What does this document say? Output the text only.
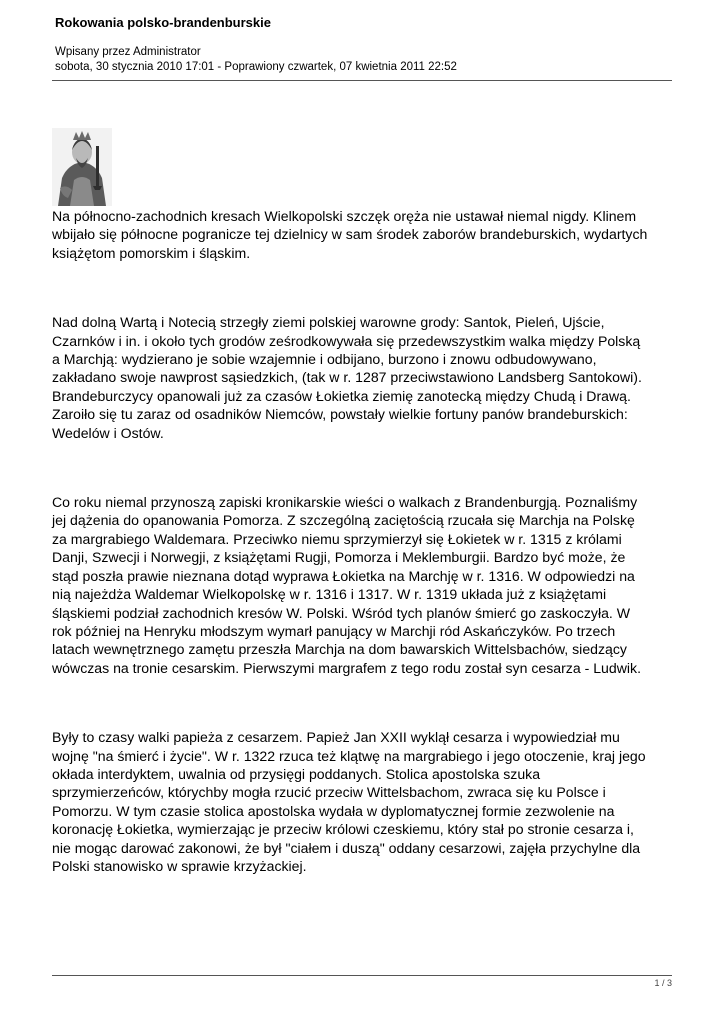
Rokowania polsko-brandenburskie
Wpisany przez Administrator
sobota, 30 stycznia 2010 17:01 - Poprawiony czwartek, 07 kwietnia 2011 22:52

Na północno-zachodnich kresach Wielkopolski szczęk oręża nie ustawał niemal nigdy. Klinem
wbijało się północne pogranicze tej dzielnicy w sam środek zaborów brandeburskich, wydartych
książętom pomorskim i śląskim.

Nad dolną Wartą i Notecią strzegły ziemi polskiej warowne grody: Santok, Pieleń, Ujście,
Czarnków i in. i około tych grodów ześrodkowywała się przedewszystkim walka między Polską
a Marchją: wydzierano je sobie wzajemnie i odbijano, burzono i znowu odbudowywano,
zakładano swoje nawprost sąsiedzkich, (tak w r. 1287 przeciwstawiono Landsberg Santokowi).
Brandeburczycy opanowali już za czasów Łokietka ziemię zanotecką między Chudą i Drawą.
Zaroiło się tu zaraz od osadników Niemców, powstały wielkie fortuny panów brandeburskich:
Wedelów i Ostów.

Co roku niemal przynoszą zapiski kronikarskie wieści o walkach z Brandenburgją. Poznaliśmy
jej dążenia do opanowania Pomorza. Z szczególną zaciętością rzucała się Marchja na Polskę
za margrabiego Waldemara. Przeciwko niemu sprzymierzył się Łokietek w r. 1315 z królami
Danji, Szwecji i Norwegji, z książętami Rugji, Pomorza i Meklemburgii. Bardzo być może, że
stąd poszła prawie nieznana dotąd wyprawa Łokietka na Marchję w r. 1316. W odpowiedzi na
nią najeżdża Waldemar Wielkopolskę w r. 1316 i 1317. W r. 1319 układa już z książętami
śląskiemi podział zachodnich kresów W. Polski. Wśród tych planów śmierć go zaskoczyła. W
rok później na Henryku młodszym wymarł panujący w Marchji ród Askańczyków. Po trzech
latach wewnętrznego zamętu przeszła Marchja na dom bawarskich Wittelsbachów, siedzący
wówczas na tronie cesarskim. Pierwszymi margrafem z tego rodu został syn cesarza - Ludwik.

Były to czasy walki papieża z cesarzem. Papież Jan XXII wyklął cesarza i wypowiedział mu
wojnę "na śmierć i życie". W r. 1322 rzuca też klątwę na margrabiego i jego otoczenie, kraj jego
okłada interdyktem, uwalnia od przysięgi poddanych. Stolica apostolska szuka
sprzymierzeńców, którychby mogła rzucić przeciw Wittelsbachom, zwraca się ku Polsce i
Pomorzu. W tym czasie stolica apostolska wydała w dyplomatycznej formie zezwolenie na
koronację Łokietka, wymierzając je przeciw królowi czeskiemu, który stał po stronie cesarza i,
nie mogąc darować zakonowi, że był "ciałem i duszą" oddany cesarzowi, zajęła przychylne dla
Polski stanowisko w sprawie krzyżackiej.

1 / 3
